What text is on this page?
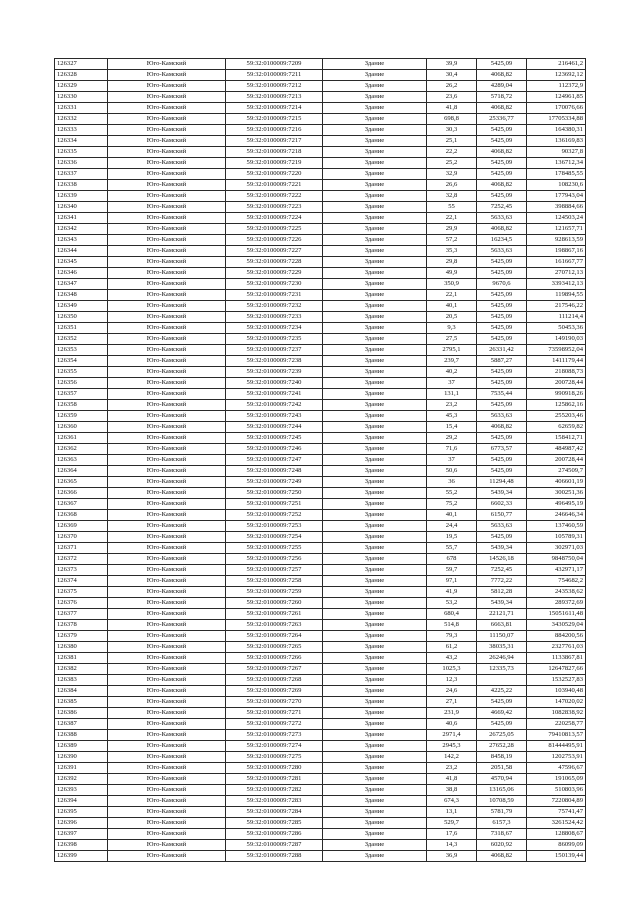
126327	Юго-Камский	59:32:0100009:7209	Здание	39,9	5425,09	216461,2
126328	Юго-Камский	59:32:0100009:7211	Здание	30,4	4068,82	123692,12
126329	Юго-Камский	59:32:0100009:7212	Здание	26,2	4289,04	112372,9
126330	Юго-Камский	59:32:0100009:7213	Здание	23,6	5718,72	124961,85
126331	Юго-Камский	59:32:0100009:7214	Здание	41,8	4068,82	170076,66
126332	Юго-Камский	59:32:0100009:7215	Здание	698,8	25336,77	17705334,88
126333	Юго-Камский	59:32:0100009:7216	Здание	30,3	5425,09	164380,31
126334	Юго-Камский	59:32:0100009:7217	Здание	25,1	5425,09	136169,83
126335	Юго-Камский	59:32:0100009:7218	Здание	22,2	4068,82	90327,8
126336	Юго-Камский	59:32:0100009:7219	Здание	25,2	5425,09	136712,34
126337	Юго-Камский	59:32:0100009:7220	Здание	32,9	5425,09	178485,55
126338	Юго-Камский	59:32:0100009:7221	Здание	26,6	4068,82	108230,6
126339	Юго-Камский	59:32:0100009:7222	Здание	32,8	5425,09	177943,04
126340	Юго-Камский	59:32:0100009:7223	Здание	55	7252,45	398884,66
126341	Юго-Камский	59:32:0100009:7224	Здание	22,1	5633,63	124503,24
126342	Юго-Камский	59:32:0100009:7225	Здание	29,9	4068,82	121657,71
126343	Юго-Камский	59:32:0100009:7226	Здание	57,2	16234,5	928613,59
126344	Юго-Камский	59:32:0100009:7227	Здание	35,3	5633,63	198867,16
126345	Юго-Камский	59:32:0100009:7228	Здание	29,8	5425,09	161667,77
126346	Юго-Камский	59:32:0100009:7229	Здание	49,9	5425,09	270712,13
126347	Юго-Камский	59:32:0100009:7230	Здание	350,9	9670,6	3393412,13
126348	Юго-Камский	59:32:0100009:7231	Здание	22,1	5425,09	119894,55
126349	Юго-Камский	59:32:0100009:7232	Здание	40,1	5425,09	217546,22
126350	Юго-Камский	59:32:0100009:7233	Здание	20,5	5425,09	111214,4
126351	Юго-Камский	59:32:0100009:7234	Здание	9,3	5425,09	50453,36
126352	Юго-Камский	59:32:0100009:7235	Здание	27,5	5425,09	149190,03
126353	Юго-Камский	59:32:0100009:7237	Здание	2795,1	26331,42	73598952,04
126354	Юго-Камский	59:32:0100009:7238	Здание	239,7	5887,27	1411179,44
126355	Юго-Камский	59:32:0100009:7239	Здание	40,2	5425,09	218088,73
126356	Юго-Камский	59:32:0100009:7240	Здание	37	5425,09	200728,44
126357	Юго-Камский	59:32:0100009:7241	Здание	131,1	7535,44	990918,26
126358	Юго-Камский	59:32:0100009:7242	Здание	23,2	5425,09	125862,16
126359	Юго-Камский	59:32:0100009:7243	Здание	45,3	5633,63	255203,46
126360	Юго-Камский	59:32:0100009:7244	Здание	15,4	4068,82	62659,82
126361	Юго-Камский	59:32:0100009:7245	Здание	29,2	5425,09	158412,71
126362	Юго-Камский	59:32:0100009:7246	Здание	71,6	6773,57	484987,42
126363	Юго-Камский	59:32:0100009:7247	Здание	37	5425,09	200728,44
126364	Юго-Камский	59:32:0100009:7248	Здание	50,6	5425,09	274509,7
126365	Юго-Камский	59:32:0100009:7249	Здание	36	11294,48	406601,19
126366	Юго-Камский	59:32:0100009:7250	Здание	55,2	5439,34	300251,36
126367	Юго-Камский	59:32:0100009:7251	Здание	75,2	6602,33	496495,19
126368	Юго-Камский	59:32:0100009:7252	Здание	40,1	6150,77	246646,34
126369	Юго-Камский	59:32:0100009:7253	Здание	24,4	5633,63	137460,59
126370	Юго-Камский	59:32:0100009:7254	Здание	19,5	5425,09	105789,31
126371	Юго-Камский	59:32:0100009:7255	Здание	55,7	5439,34	302971,03
126372	Юго-Камский	59:32:0100009:7256	Здание	678	14526,18	9848750,04
126373	Юго-Камский	59:32:0100009:7257	Здание	59,7	7252,45	432971,17
126374	Юго-Камский	59:32:0100009:7258	Здание	97,1	7772,22	754682,2
126375	Юго-Камский	59:32:0100009:7259	Здание	41,9	5812,28	243538,62
126376	Юго-Камский	59:32:0100009:7260	Здание	53,2	5439,34	289372,69
126377	Юго-Камский	59:32:0100009:7261	Здание	680,4	22121,71	15051611,48
126378	Юго-Камский	59:32:0100009:7263	Здание	514,8	6663,81	3430529,04
126379	Юго-Камский	59:32:0100009:7264	Здание	79,3	11150,07	884200,56
126380	Юго-Камский	59:32:0100009:7265	Здание	61,2	38035,31	2327761,03
126381	Юго-Камский	59:32:0100009:7266	Здание	43,2	26246,94	1133867,81
126382	Юго-Камский	59:32:0100009:7267	Здание	1025,3	12335,73	12647827,66
126383	Юго-Камский	59:32:0100009:7268	Здание	12,3		1532527,83
126384	Юго-Камский	59:32:0100009:7269	Здание	24,6	4225,22	103940,48
126385	Юго-Камский	59:32:0100009:7270	Здание	27,1	5425,09	147020,02
126386	Юго-Камский	59:32:0100009:7271	Здание	231,9	4669,42	1082838,92
126387	Юго-Камский	59:32:0100009:7272	Здание	40,6	5425,09	220258,77
126388	Юго-Камский	59:32:0100009:7273	Здание	2971,4	26725,05	79410813,57
126389	Юго-Камский	59:32:0100009:7274	Здание	2945,3	27652,28	81444495,91
126390	Юго-Камский	59:32:0100009:7275	Здание	142,2	8458,19	1202753,91
126391	Юго-Камский	59:32:0100009:7280	Здание	23,2	2051,58	47596,67
126392	Юго-Камский	59:32:0100009:7281	Здание	41,8	4570,94	191065,09
126393	Юго-Камский	59:32:0100009:7282	Здание	38,8	13165,06	510803,96
126394	Юго-Камский	59:32:0100009:7283	Здание	674,3	10708,59	7220804,89
126395	Юго-Камский	59:32:0100009:7284	Здание	13,1	5781,79	75741,47
126396	Юго-Камский	59:32:0100009:7285	Здание	529,7	6157,3	3261524,42
126397	Юго-Камский	59:32:0100009:7286	Здание	17,6	7318,67	128808,67
126398	Юго-Камский	59:32:0100009:7287	Здание	14,3	6020,92	86099,09
126399	Юго-Камский	59:32:0100009:7288	Здание	36,9	4068,82	150139,44
